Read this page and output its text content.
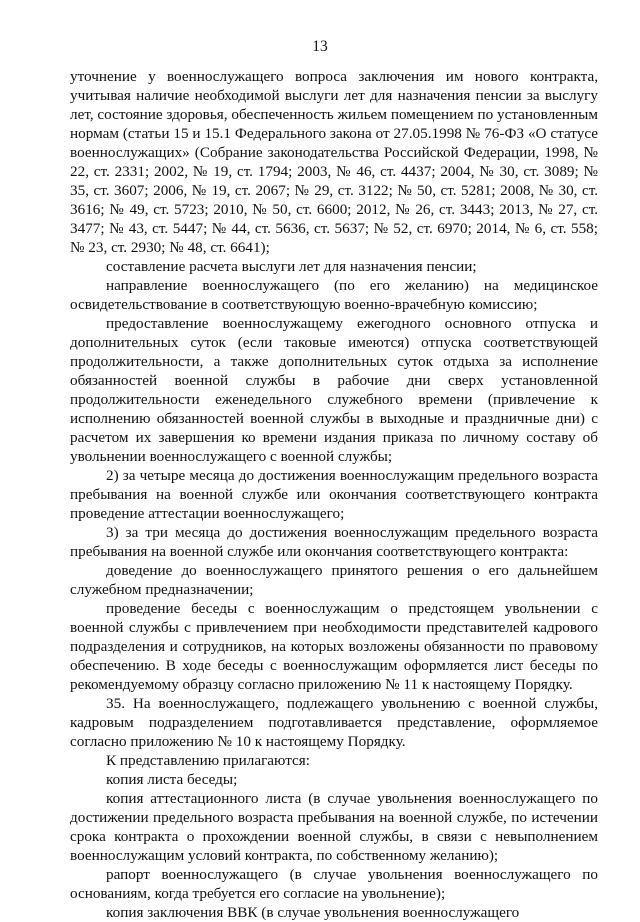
13

уточнение у военнослужащего вопроса заключения им нового контракта, учитывая наличие необходимой выслуги лет для назначения пенсии за выслугу лет, состояние здоровья, обеспеченность жильем помещением по установленным нормам (статьи 15 и 15.1 Федерального закона от 27.05.1998 № 76-ФЗ «О статусе военнослужащих» (Собрание законодательства Российской Федерации, 1998, № 22, ст. 2331; 2002, № 19, ст. 1794; 2003, № 46, ст. 4437; 2004, № 30, ст. 3089; № 35, ст. 3607; 2006, № 19, ст. 2067; № 29, ст. 3122; № 50, ст. 5281; 2008, № 30, ст. 3616; № 49, ст. 5723; 2010, № 50, ст. 6600; 2012, № 26, ст. 3443; 2013, № 27, ст. 3477; № 43, ст. 5447; № 44, ст. 5636, ст. 5637; № 52, ст. 6970; 2014, № 6, ст. 558; № 23, ст. 2930; № 48, ст. 6641);

составление расчета выслуги лет для назначения пенсии;

направление военнослужащего (по его желанию) на медицинское освидетельствование в соответствующую военно-врачебную комиссию;

предоставление военнослужащему ежегодного основного отпуска и дополнительных суток (если таковые имеются) отпуска соответствующей продолжительности, а также дополнительных суток отдыха за исполнение обязанностей военной службы в рабочие дни сверх установленной продолжительности еженедельного служебного времени (привлечение к исполнению обязанностей военной службы в выходные и праздничные дни) с расчетом их завершения ко времени издания приказа по личному составу об увольнении военнослужащего с военной службы;

2) за четыре месяца до достижения военнослужащим предельного возраста пребывания на военной службе или окончания соответствующего контракта проведение аттестации военнослужащего;

3) за три месяца до достижения военнослужащим предельного возраста пребывания на военной службе или окончания соответствующего контракта:

доведение до военнослужащего принятого решения о его дальнейшем служебном предназначении;

проведение беседы с военнослужащим о предстоящем увольнении с военной службы с привлечением при необходимости представителей кадрового подразделения и сотрудников, на которых возложены обязанности по правовому обеспечению. В ходе беседы с военнослужащим оформляется лист беседы по рекомендуемому образцу согласно приложению № 11 к настоящему Порядку.

35. На военнослужащего, подлежащего увольнению с военной службы, кадровым подразделением подготавливается представление, оформляемое согласно приложению № 10 к настоящему Порядку.

К представлению прилагаются:

копия листа беседы;

копия аттестационного листа (в случае увольнения военнослужащего по достижении предельного возраста пребывания на военной службе, по истечении срока контракта о прохождении военной службы, в связи с невыполнением военнослужащим условий контракта, по собственному желанию);

рапорт военнослужащего (в случае увольнения военнослужащего по основаниям, когда требуется его согласие на увольнение);

копия заключения ВВК (в случае увольнения военнослужащего
